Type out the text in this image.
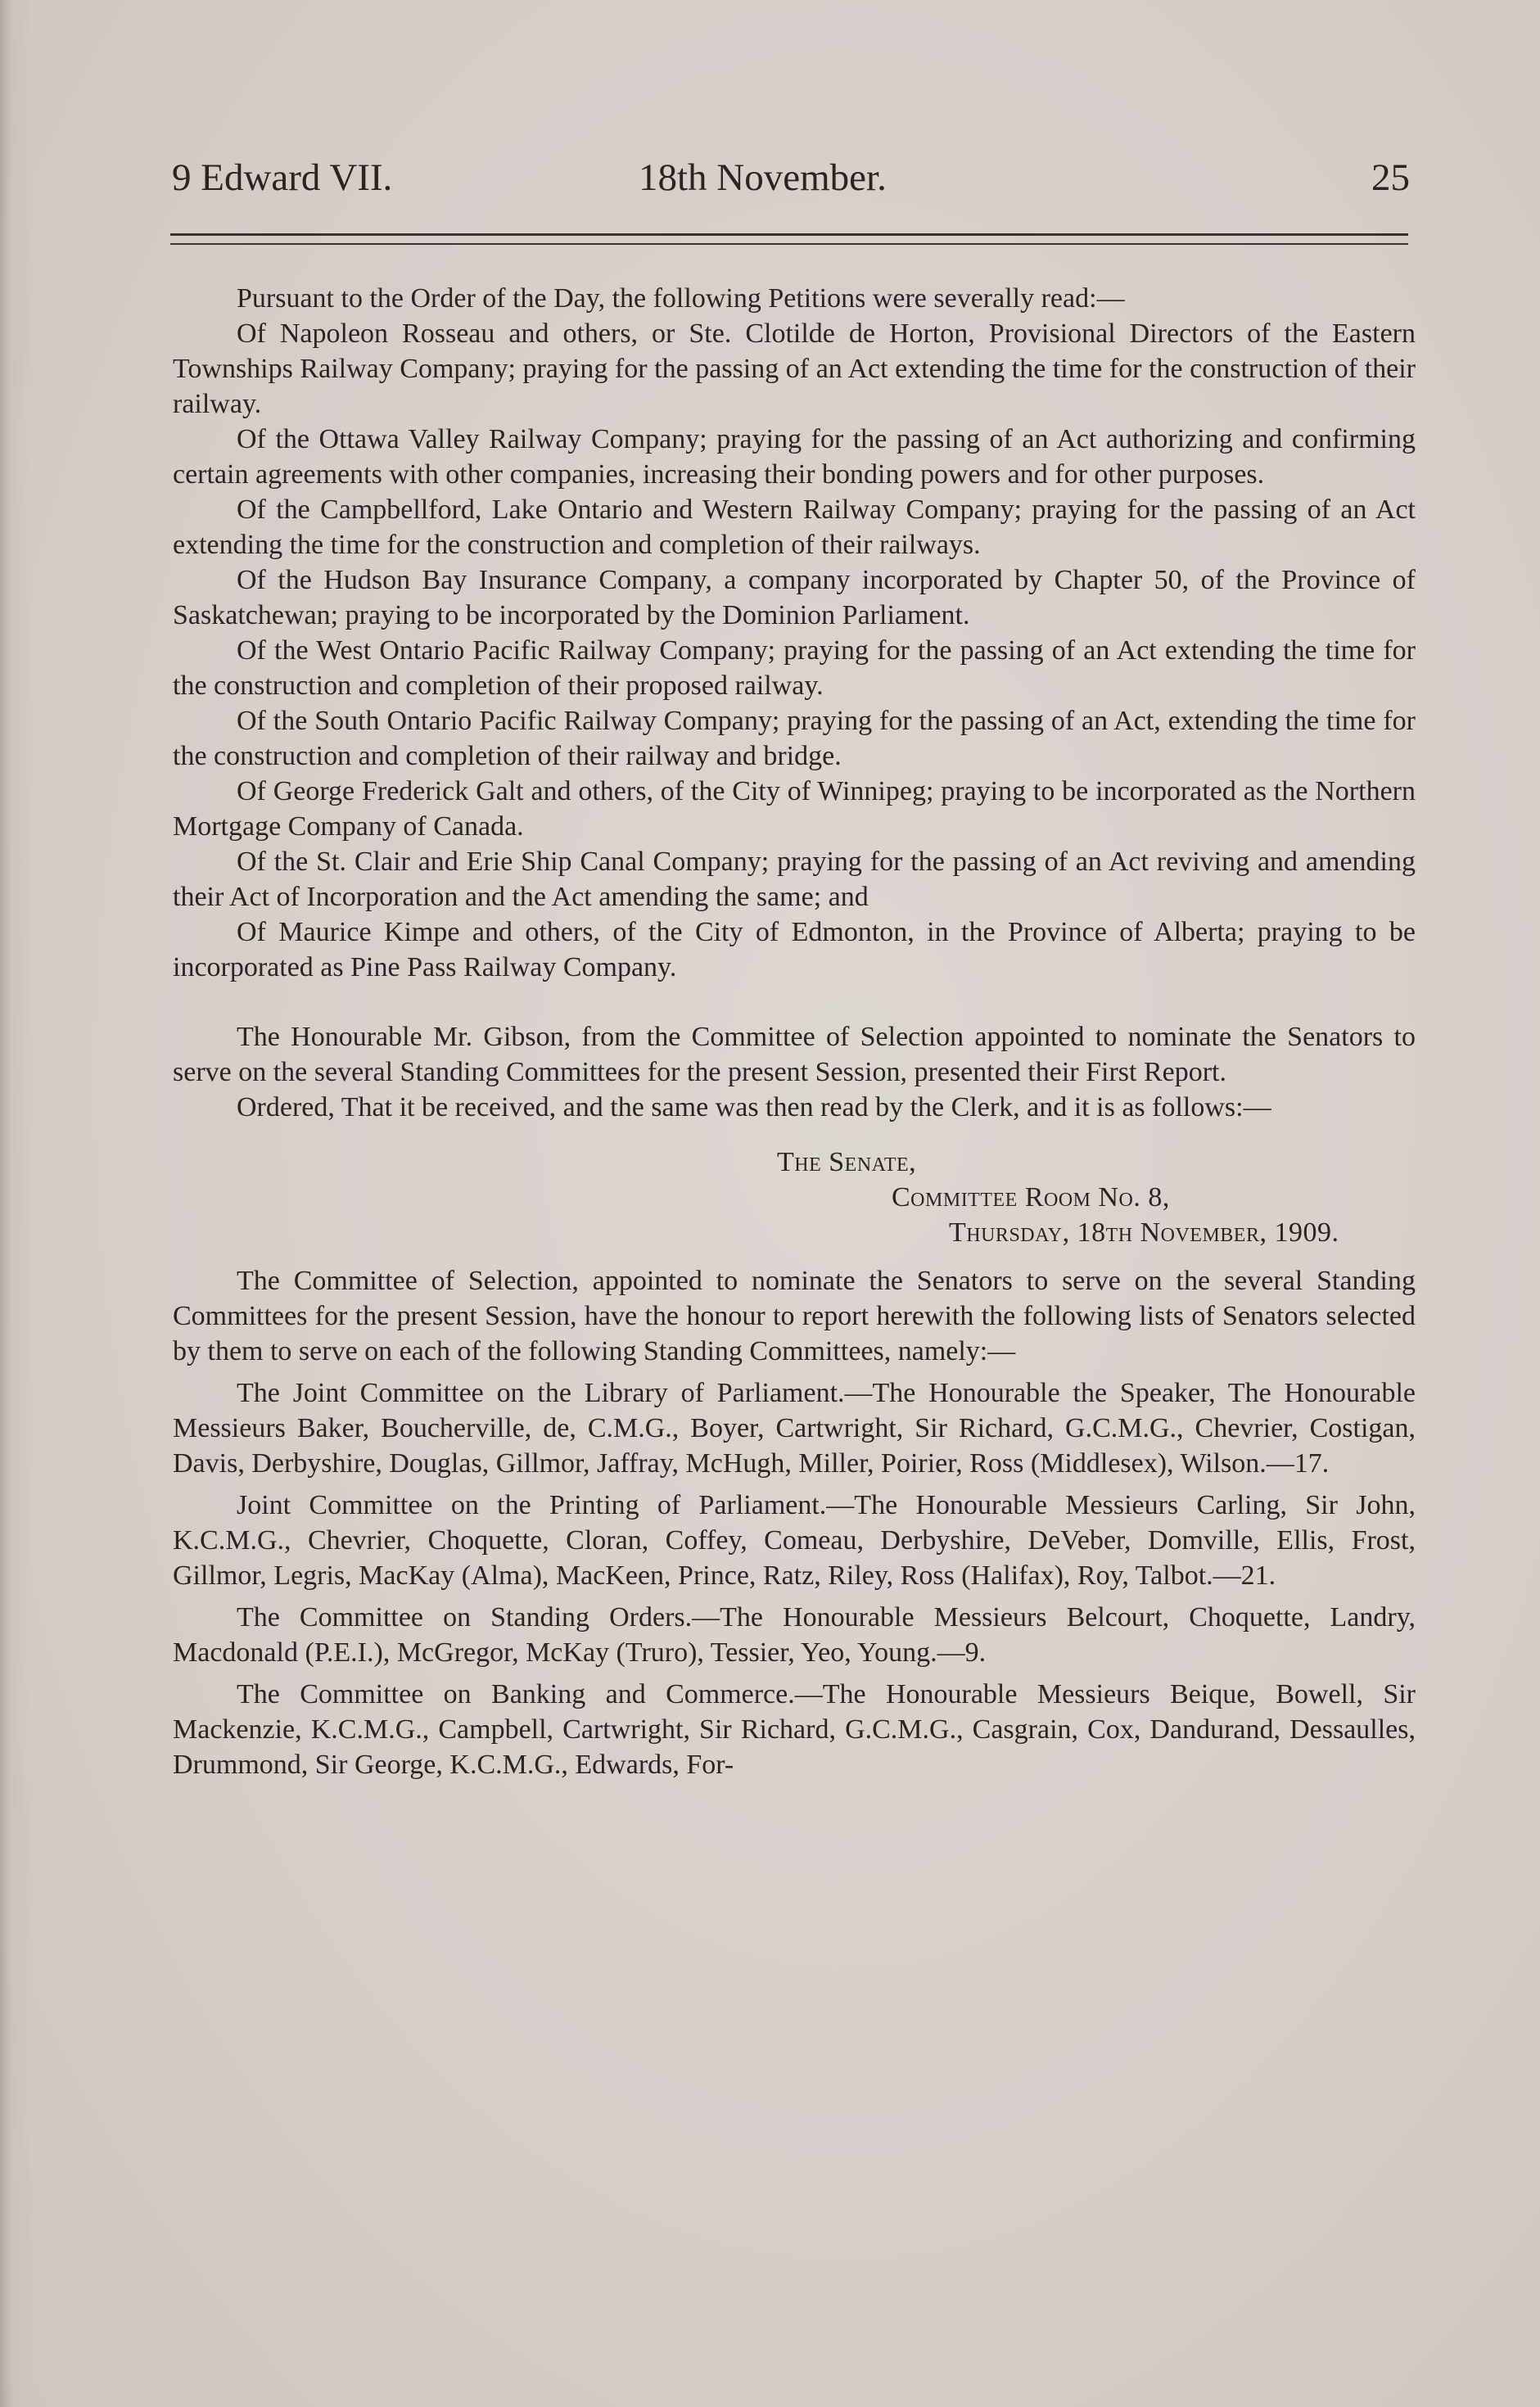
9 Edward VII.	18th November.	25

Pursuant to the Order of the Day, the following Petitions were severally read:—

Of Napoleon Rosseau and others, or Ste. Clotilde de Horton, Provisional Directors of the Eastern Townships Railway Company; praying for the passing of an Act extending the time for the construction of their railway.

Of the Ottawa Valley Railway Company; praying for the passing of an Act authorizing and confirming certain agreements with other companies, increasing their bonding powers and for other purposes.

Of the Campbellford, Lake Ontario and Western Railway Company; praying for the passing of an Act extending the time for the construction and completion of their railways.

Of the Hudson Bay Insurance Company, a company incorporated by Chapter 50, of the Province of Saskatchewan; praying to be incorporated by the Dominion Parliament.

Of the West Ontario Pacific Railway Company; praying for the passing of an Act extending the time for the construction and completion of their proposed railway.

Of the South Ontario Pacific Railway Company; praying for the passing of an Act, extending the time for the construction and completion of their railway and bridge.

Of George Frederick Galt and others, of the City of Winnipeg; praying to be incorporated as the Northern Mortgage Company of Canada.

Of the St. Clair and Erie Ship Canal Company; praying for the passing of an Act reviving and amending their Act of Incorporation and the Act amending the same; and

Of Maurice Kimpe and others, of the City of Edmonton, in the Province of Alberta; praying to be incorporated as Pine Pass Railway Company.

The Honourable Mr. Gibson, from the Committee of Selection appointed to nominate the Senators to serve on the several Standing Committees for the present Session, presented their First Report.

Ordered, That it be received, and the same was then read by the Clerk, and it is as follows:—

The Senate,

Committee Room No. 8,

Thursday, 18th November, 1909.

The Committee of Selection, appointed to nominate the Senators to serve on the several Standing Committees for the present Session, have the honour to report herewith the following lists of Senators selected by them to serve on each of the following Standing Committees, namely:—

The Joint Committee on the Library of Parliament.—The Honourable the Speaker, The Honourable Messieurs Baker, Boucherville, de, C.M.G., Boyer, Cartwright, Sir Richard, G.C.M.G., Chevrier, Costigan, Davis, Derbyshire, Douglas, Gillmor, Jaffray, McHugh, Miller, Poirier, Ross (Middlesex), Wilson.—17.

Joint Committee on the Printing of Parliament.—The Honourable Messieurs Carling, Sir John, K.C.M.G., Chevrier, Choquette, Cloran, Coffey, Comeau, Derbyshire, DeVeber, Domville, Ellis, Frost, Gillmor, Legris, MacKay (Alma), MacKeen, Prince, Ratz, Riley, Ross (Halifax), Roy, Talbot.—21.

The Committee on Standing Orders.—The Honourable Messieurs Belcourt, Choquette, Landry, Macdonald (P.E.I.), McGregor, McKay (Truro), Tessier, Yeo, Young.—9.

The Committee on Banking and Commerce.—The Honourable Messieurs Beique, Bowell, Sir Mackenzie, K.C.M.G., Campbell, Cartwright, Sir Richard, G.C.M.G., Casgrain, Cox, Dandurand, Dessaulles, Drummond, Sir George, K.C.M.G., Edwards, For-
